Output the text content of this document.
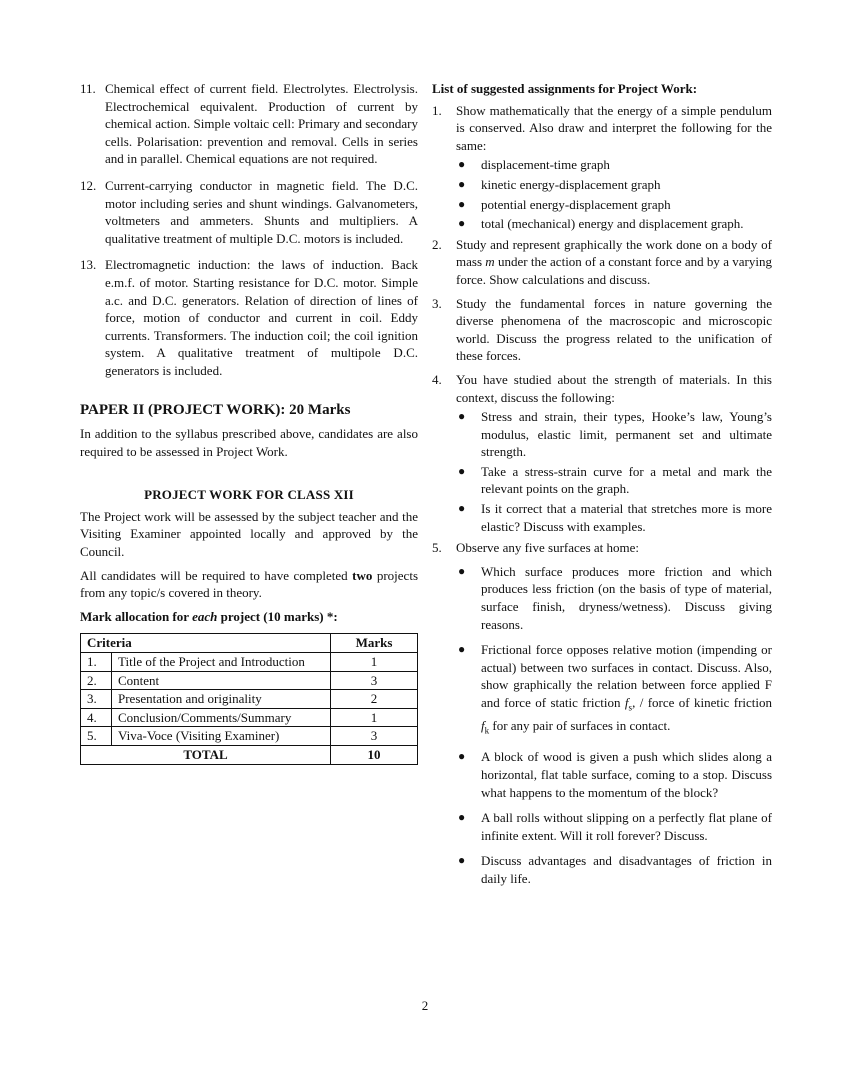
11. Chemical effect of current field. Electrolytes. Electrolysis. Electrochemical equivalent. Production of current by chemical action. Simple voltaic cell: Primary and secondary cells. Polarisation: prevention and removal. Cells in series and in parallel. Chemical equations are not required.
12. Current-carrying conductor in magnetic field. The D.C. motor including series and shunt windings. Galvanometers, voltmeters and ammeters. Shunts and multipliers. A qualitative treatment of multiple D.C. motors is included.
13. Electromagnetic induction: the laws of induction. Back e.m.f. of motor. Starting resistance for D.C. motor. Simple a.c. and D.C. generators. Relation of direction of lines of force, motion of conductor and current in coil. Eddy currents. Transformers. The induction coil; the coil ignition system. A qualitative treatment of multipole D.C. generators is included.
PAPER II (PROJECT WORK): 20 Marks

In addition to the syllabus prescribed above, candidates are also required to be assessed in Project Work.

PROJECT WORK FOR CLASS XII

The Project work will be assessed by the subject teacher and the Visiting Examiner appointed locally and approved by the Council.

All candidates will be required to have completed two projects from any topic/s covered in theory.

Mark allocation for each project (10 marks) *:

Criteria		Marks
1.	Title of the Project and Introduction	1
2.	Content	3
3.	Presentation and originality	2
4.	Conclusion/Comments/Summary	1
5.	Viva-Voce (Visiting Examiner)	3
TOTAL		10
List of suggested assignments for Project Work:
1. Show mathematically that the energy of a simple pendulum is conserved. Also draw and interpret the following for the same:
● displacement-time graph
● kinetic energy-displacement graph
● potential energy-displacement graph
● total (mechanical) energy and displacement graph.
2. Study and represent graphically the work done on a body of mass m under the action of a constant force and by a varying force. Show calculations and discuss.
3. Study the fundamental forces in nature governing the diverse phenomena of the macroscopic and microscopic world. Discuss the progress related to the unification of these forces.
4. You have studied about the strength of materials. In this context, discuss the following:
● Stress and strain, their types, Hooke’s law, Young’s modulus, elastic limit, permanent set and ultimate strength.
● Take a stress-strain curve for a metal and mark the relevant points on the graph.
● Is it correct that a material that stretches more is more elastic? Discuss with examples.
5. Observe any five surfaces at home:
● Which surface produces more friction and which produces less friction (on the basis of type of material, surface finish, dryness/wetness). Discuss giving reasons.
● Frictional force opposes relative motion (impending or actual) between two surfaces in contact. Discuss. Also, show graphically the relation between force applied F and force of static friction $f_s$, / force of kinetic friction $f_k$ for any pair of surfaces in contact.
● A block of wood is given a push which slides along a horizontal, flat table surface, coming to a stop. Discuss what happens to the momentum of the block?
● A ball rolls without slipping on a perfectly flat plane of infinite extent. Will it roll forever? Discuss.
● Discuss advantages and disadvantages of friction in daily life.
2
